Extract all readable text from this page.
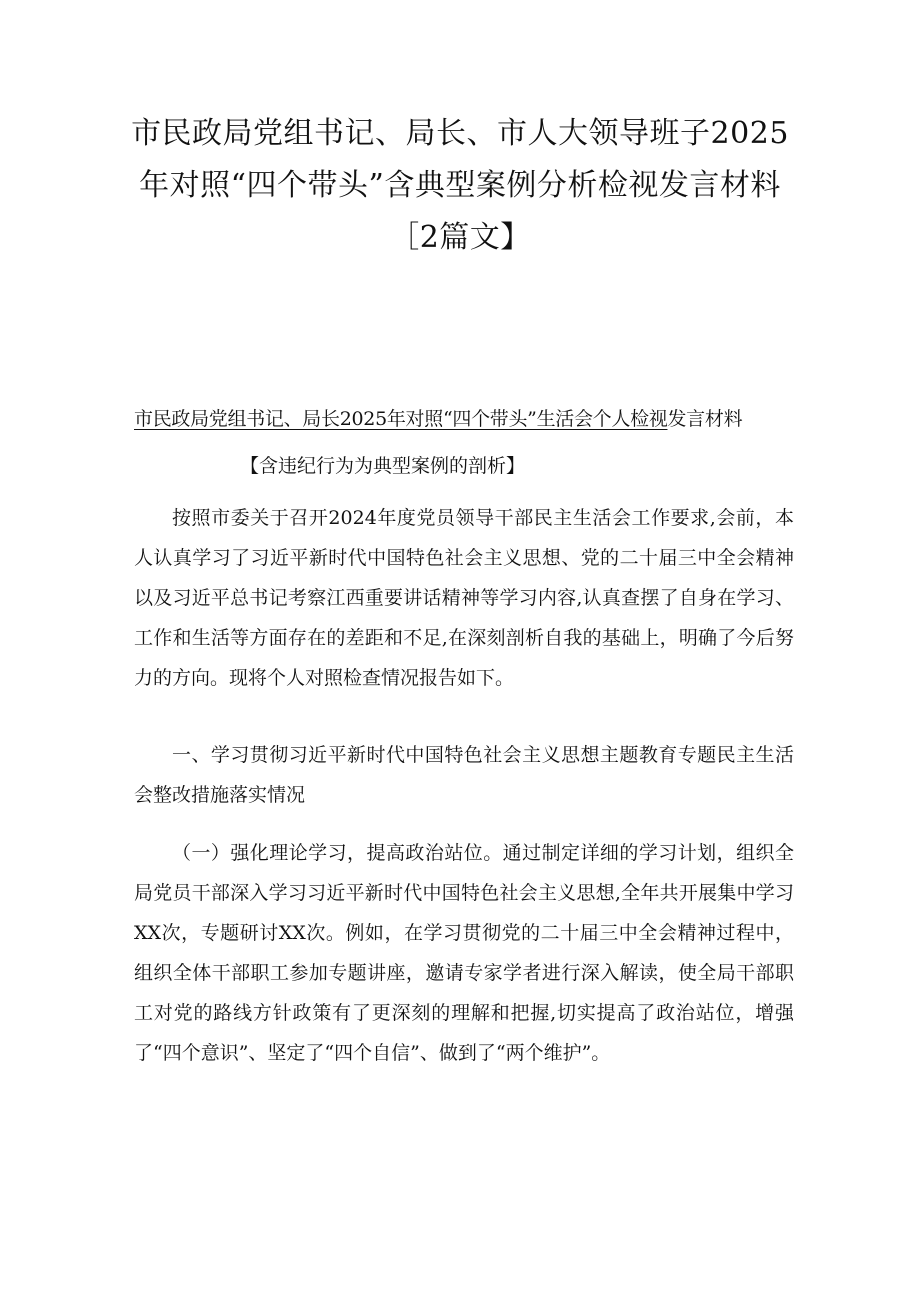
市民政局党组书记、局长、市人大领导班子2025年对照“四个带头”含典型案例分析检视发言材料［2篇文】

市民政局党组书记、局长2025年对照“四个带头”生活会个人检视发言材料

【含违纪行为为典型案例的剖析】

按照市委关于召开2024年度党员领导干部民主生活会工作要求,会前，本人认真学习了习近平新时代中国特色社会主义思想、党的二十届三中全会精神以及习近平总书记考察江西重要讲话精神等学习内容,认真查摆了自身在学习、工作和生活等方面存在的差距和不足,在深刻剖析自我的基础上，明确了今后努力的方向。现将个人对照检查情况报告如下。

一、学习贯彻习近平新时代中国特色社会主义思想主题教育专题民主生活会整改措施落实情况

（一）强化理论学习，提高政治站位。通过制定详细的学习计划，组织全局党员干部深入学习习近平新时代中国特色社会主义思想,全年共开展集中学习XX次，专题研讨XX次。例如，在学习贯彻党的二十届三中全会精神过程中，组织全体干部职工参加专题讲座，邀请专家学者进行深入解读，使全局干部职工对党的路线方针政策有了更深刻的理解和把握,切实提高了政治站位，增强了“四个意识”、坚定了“四个自信”、做到了“两个维护”。
